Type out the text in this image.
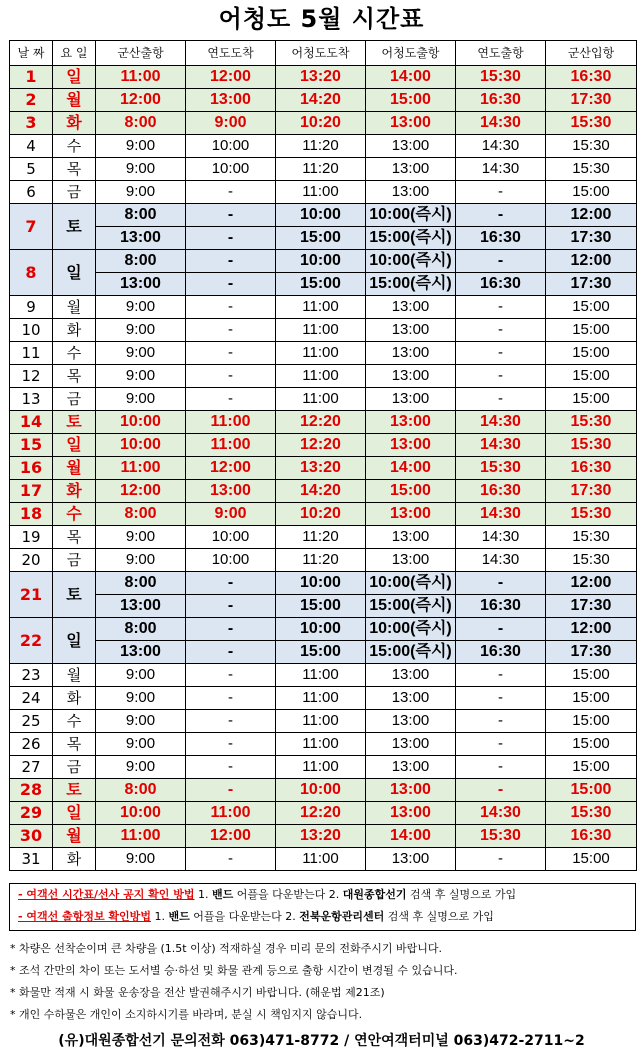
어청도 5월 시간표
날 짜	요 일	군산출항	연도도착	어청도도착	어청도출항	연도출항	군산입항
1	일	11:00	12:00	13:20	14:00	15:30	16:30
2	월	12:00	13:00	14:20	15:00	16:30	17:30
3	화	8:00	9:00	10:20	13:00	14:30	15:30
4	수	9:00	10:00	11:20	13:00	14:30	15:30
5	목	9:00	10:00	11:20	13:00	14:30	15:30
6	금	9:00	-	11:00	13:00	-	15:00
7	토	8:00	-	10:00	10:00(즉시)	-	12:00
		13:00	-	15:00	15:00(즉시)	16:30	17:30
8	일	8:00	-	10:00	10:00(즉시)	-	12:00
		13:00	-	15:00	15:00(즉시)	16:30	17:30
9	월	9:00	-	11:00	13:00	-	15:00
10	화	9:00	-	11:00	13:00	-	15:00
11	수	9:00	-	11:00	13:00	-	15:00
12	목	9:00	-	11:00	13:00	-	15:00
13	금	9:00	-	11:00	13:00	-	15:00
14	토	10:00	11:00	12:20	13:00	14:30	15:30
15	일	10:00	11:00	12:20	13:00	14:30	15:30
16	월	11:00	12:00	13:20	14:00	15:30	16:30
17	화	12:00	13:00	14:20	15:00	16:30	17:30
18	수	8:00	9:00	10:20	13:00	14:30	15:30
19	목	9:00	10:00	11:20	13:00	14:30	15:30
20	금	9:00	10:00	11:20	13:00	14:30	15:30
21	토	8:00	-	10:00	10:00(즉시)	-	12:00
		13:00	-	15:00	15:00(즉시)	16:30	17:30
22	일	8:00	-	10:00	10:00(즉시)	-	12:00
		13:00	-	15:00	15:00(즉시)	16:30	17:30
23	월	9:00	-	11:00	13:00	-	15:00
24	화	9:00	-	11:00	13:00	-	15:00
25	수	9:00	-	11:00	13:00	-	15:00
26	목	9:00	-	11:00	13:00	-	15:00
27	금	9:00	-	11:00	13:00	-	15:00
28	토	8:00	-	10:00	13:00	-	15:00
29	일	10:00	11:00	12:20	13:00	14:30	15:30
30	월	11:00	12:00	13:20	14:00	15:30	16:30
31	화	9:00	-	11:00	13:00	-	15:00
- 여객선 시간표/선사 공지 확인 방법 1. 밴드 어플을 다운받는다 2. 대원종합선기 검색 후 실명으로 가입
- 여객선 출항정보 확인방법 1. 밴드 어플을 다운받는다 2. 전북운항관리센터 검색 후 실명으로 가입
* 차량은 선착순이며 큰 차량을 (1.5t 이상) 적재하실 경우 미리 문의 전화주시기 바랍니다.
* 조석 간만의 차이 또는 도서별 승·하선 및 화물 관계 등으로 출항 시간이 변경될 수 있습니다.
* 화물만 적재 시 화물 운송장을 전산 발권해주시기 바랍니다. (해운법 제21조)
* 개인 수하물은 개인이 소지하시기를 바라며, 분실 시 책임지지 않습니다.
(유)대원종합선기 문의전화 063)471-8772 / 연안여객터미널 063)472-2711~2
